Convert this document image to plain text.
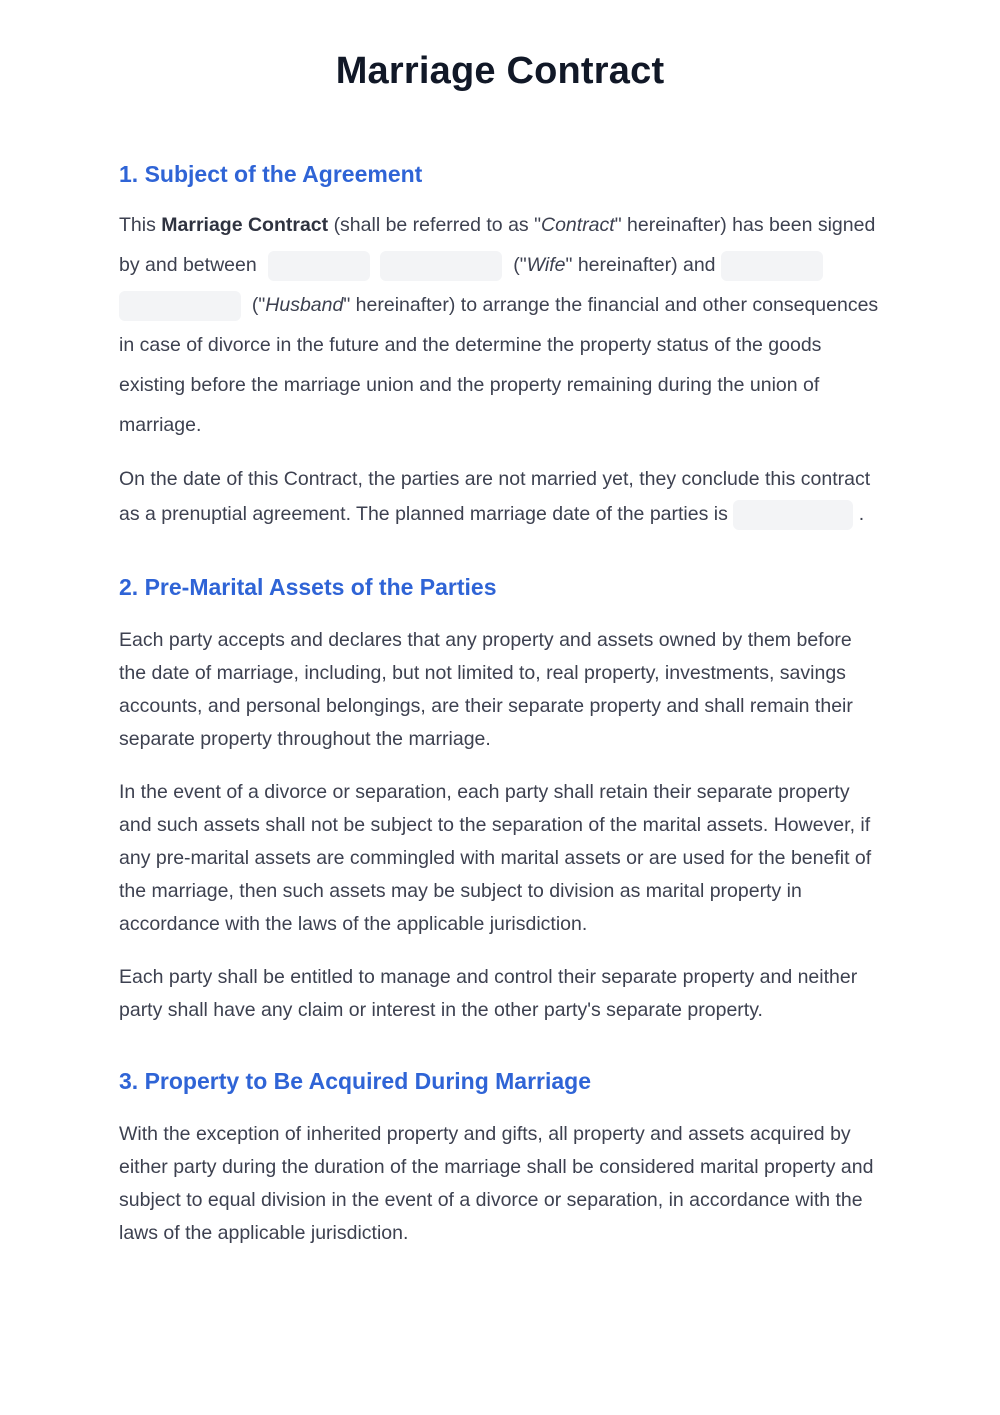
Marriage Contract
1. Subject of the Agreement

This Marriage Contract (shall be referred to as "Contract" hereinafter) has been signed by and between	("Wife" hereinafter) and     ("Husband" hereinafter) to arrange the financial and other consequences in case of divorce in the future and the determine the property status of the goods existing before the marriage union and the property remaining during the union of marriage.

On the date of this Contract, the parties are not married yet, they conclude this contract as a prenuptial agreement. The planned marriage date of the parties is	.

2. Pre-Marital Assets of the Parties

Each party accepts and declares that any property and assets owned by them before the date of marriage, including, but not limited to, real property, investments, savings accounts, and personal belongings, are their separate property and shall remain their separate property throughout the marriage.

In the event of a divorce or separation, each party shall retain their separate property and such assets shall not be subject to the separation of the marital assets. However, if any pre-marital assets are commingled with marital assets or are used for the benefit of the marriage, then such assets may be subject to division as marital property in accordance with the laws of the applicable jurisdiction.

Each party shall be entitled to manage and control their separate property and neither party shall have any claim or interest in the other party's separate property.

3. Property to Be Acquired During Marriage

With the exception of inherited property and gifts, all property and assets acquired by either party during the duration of the marriage shall be considered marital property and subject to equal division in the event of a divorce or separation, in accordance with the laws of the applicable jurisdiction.
